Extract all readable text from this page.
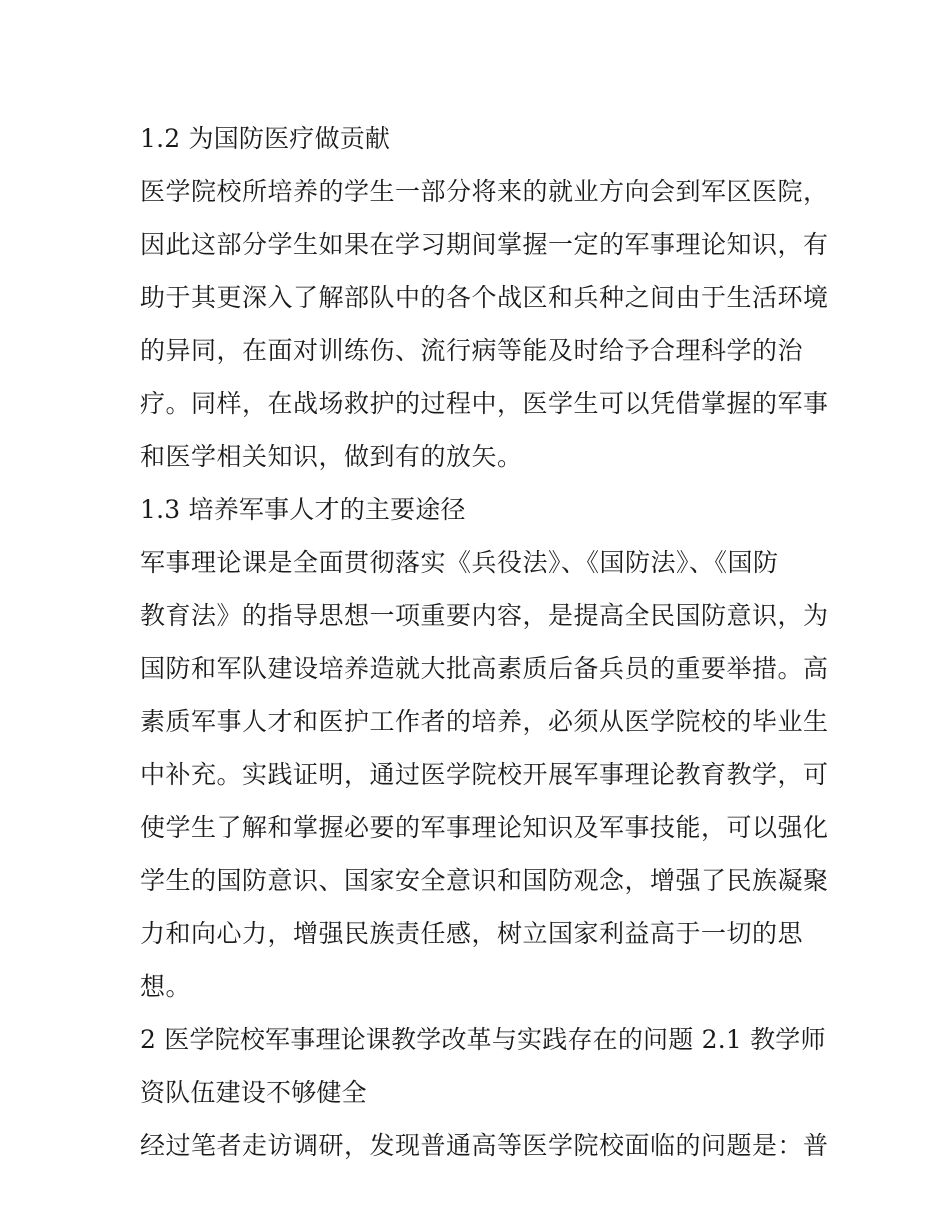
1.2 为国防医疗做贡献
医学院校所培养的学生一部分将来的就业方向会到军区医院，
因此这部分学生如果在学习期间掌握一定的军事理论知识，有
助于其更深入了解部队中的各个战区和兵种之间由于生活环境
的异同，在面对训练伤、流行病等能及时给予合理科学的治
疗。同样，在战场救护的过程中，医学生可以凭借掌握的军事
和医学相关知识，做到有的放矢。
1.3 培养军事人才的主要途径
军事理论课是全面贯彻落实《兵役法》、《国防法》、《国防
教育法》的指导思想一项重要内容，是提高全民国防意识，为
国防和军队建设培养造就大批高素质后备兵员的重要举措。高
素质军事人才和医护工作者的培养，必须从医学院校的毕业生
中补充。实践证明，通过医学院校开展军事理论教育教学，可
使学生了解和掌握必要的军事理论知识及军事技能，可以强化
学生的国防意识、国家安全意识和国防观念，增强了民族凝聚
力和向心力，增强民族责任感，树立国家利益高于一切的思
想。
2 医学院校军事理论课教学改革与实践存在的问题 2.1 教学师
资队伍建设不够健全
经过笔者走访调研，发现普通高等医学院校面临的问题是：普
